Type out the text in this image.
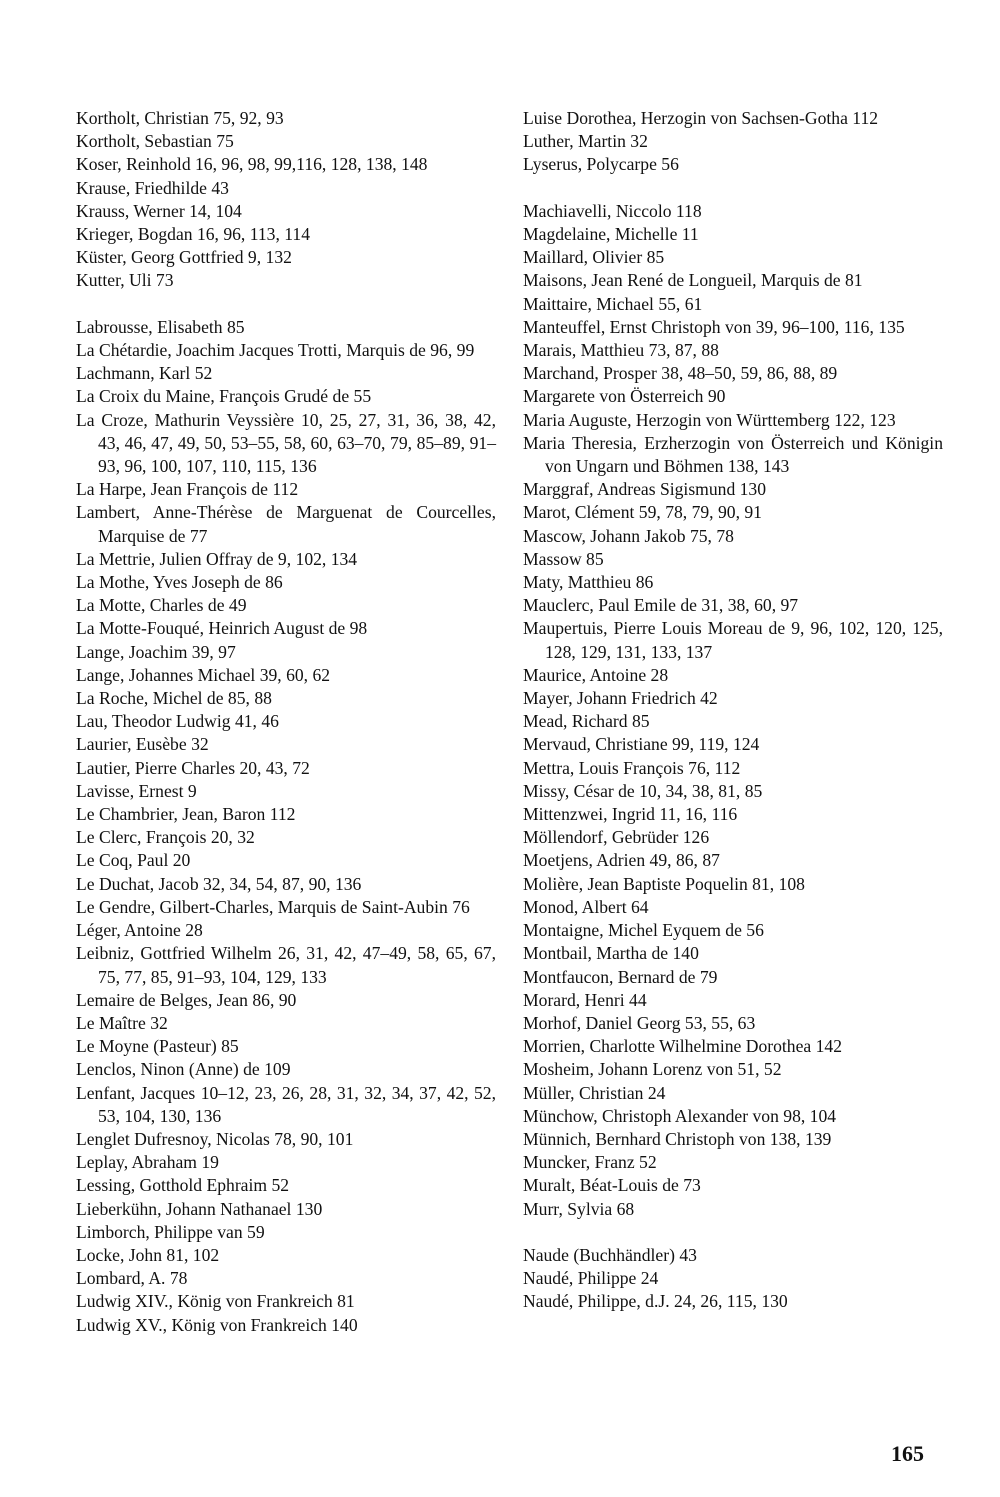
Kortholt, Christian 75, 92, 93
Kortholt, Sebastian 75
Koser, Reinhold 16, 96, 98, 99,116, 128, 138, 148
Krause, Friedhilde 43
Krauss, Werner 14, 104
Krieger, Bogdan 16, 96, 113, 114
Küster, Georg Gottfried 9, 132
Kutter, Uli 73
Labrousse, Elisabeth 85
La Chétardie, Joachim Jacques Trotti, Marquis de 96, 99
Lachmann, Karl 52
La Croix du Maine, François Grudé de 55
La Croze, Mathurin Veyssière 10, 25, 27, 31, 36, 38, 42, 43, 46, 47, 49, 50, 53–55, 58, 60, 63–70, 79, 85–89, 91–93, 96, 100, 107, 110, 115, 136
La Harpe, Jean François de 112
Lambert, Anne-Thérèse de Marguenat de Courcelles, Marquise de 77
La Mettrie, Julien Offray de 9, 102, 134
La Mothe, Yves Joseph de 86
La Motte, Charles de 49
La Motte-Fouqué, Heinrich August de 98
Lange, Joachim 39, 97
Lange, Johannes Michael 39, 60, 62
La Roche, Michel de 85, 88
Lau, Theodor Ludwig 41, 46
Laurier, Eusèbe 32
Lautier, Pierre Charles 20, 43, 72
Lavisse, Ernest 9
Le Chambrier, Jean, Baron 112
Le Clerc, François 20, 32
Le Coq, Paul 20
Le Duchat, Jacob 32, 34, 54, 87, 90, 136
Le Gendre, Gilbert-Charles, Marquis de Saint-Aubin 76
Léger, Antoine 28
Leibniz, Gottfried Wilhelm 26, 31, 42, 47–49, 58, 65, 67, 75, 77, 85, 91–93, 104, 129, 133
Lemaire de Belges, Jean 86, 90
Le Maître 32
Le Moyne (Pasteur) 85
Lenclos, Ninon (Anne) de 109
Lenfant, Jacques 10–12, 23, 26, 28, 31, 32, 34, 37, 42, 52, 53, 104, 130, 136
Lenglet Dufresnoy, Nicolas 78, 90, 101
Leplay, Abraham 19
Lessing, Gotthold Ephraim 52
Lieberkühn, Johann Nathanael 130
Limborch, Philippe van 59
Locke, John 81, 102
Lombard, A. 78
Ludwig XIV., König von Frankreich 81
Ludwig XV., König von Frankreich 140
Luise Dorothea, Herzogin von Sachsen-Gotha 112
Luther, Martin 32
Lyserus, Polycarpe 56
Machiavelli, Niccolo 118
Magdelaine, Michelle 11
Maillard, Olivier 85
Maisons, Jean René de Longueil, Marquis de 81
Maittaire, Michael 55, 61
Manteuffel, Ernst Christoph von 39, 96–100, 116, 135
Marais, Matthieu 73, 87, 88
Marchand, Prosper 38, 48–50, 59, 86, 88, 89
Margarete von Österreich 90
Maria Auguste, Herzogin von Württemberg 122, 123
Maria Theresia, Erzherzogin von Österreich und Königin von Ungarn und Böhmen 138, 143
Marggraf, Andreas Sigismund 130
Marot, Clément 59, 78, 79, 90, 91
Mascow, Johann Jakob 75, 78
Massow 85
Maty, Matthieu 86
Mauclerc, Paul Emile de 31, 38, 60, 97
Maupertuis, Pierre Louis Moreau de 9, 96, 102, 120, 125, 128, 129, 131, 133, 137
Maurice, Antoine 28
Mayer, Johann Friedrich 42
Mead, Richard 85
Mervaud, Christiane 99, 119, 124
Mettra, Louis François 76, 112
Missy, César de 10, 34, 38, 81, 85
Mittenzwei, Ingrid 11, 16, 116
Möllendorf, Gebrüder 126
Moetjens, Adrien 49, 86, 87
Molière, Jean Baptiste Poquelin 81, 108
Monod, Albert 64
Montaigne, Michel Eyquem de 56
Montbail, Martha de 140
Montfaucon, Bernard de 79
Morard, Henri 44
Morhof, Daniel Georg 53, 55, 63
Morrien, Charlotte Wilhelmine Dorothea 142
Mosheim, Johann Lorenz von 51, 52
Müller, Christian 24
Münchow, Christoph Alexander von 98, 104
Münnich, Bernhard Christoph von 138, 139
Muncker, Franz 52
Muralt, Béat-Louis de 73
Murr, Sylvia 68
Naude (Buchhändler) 43
Naudé, Philippe 24
Naudé, Philippe, d.J. 24, 26, 115, 130
165
